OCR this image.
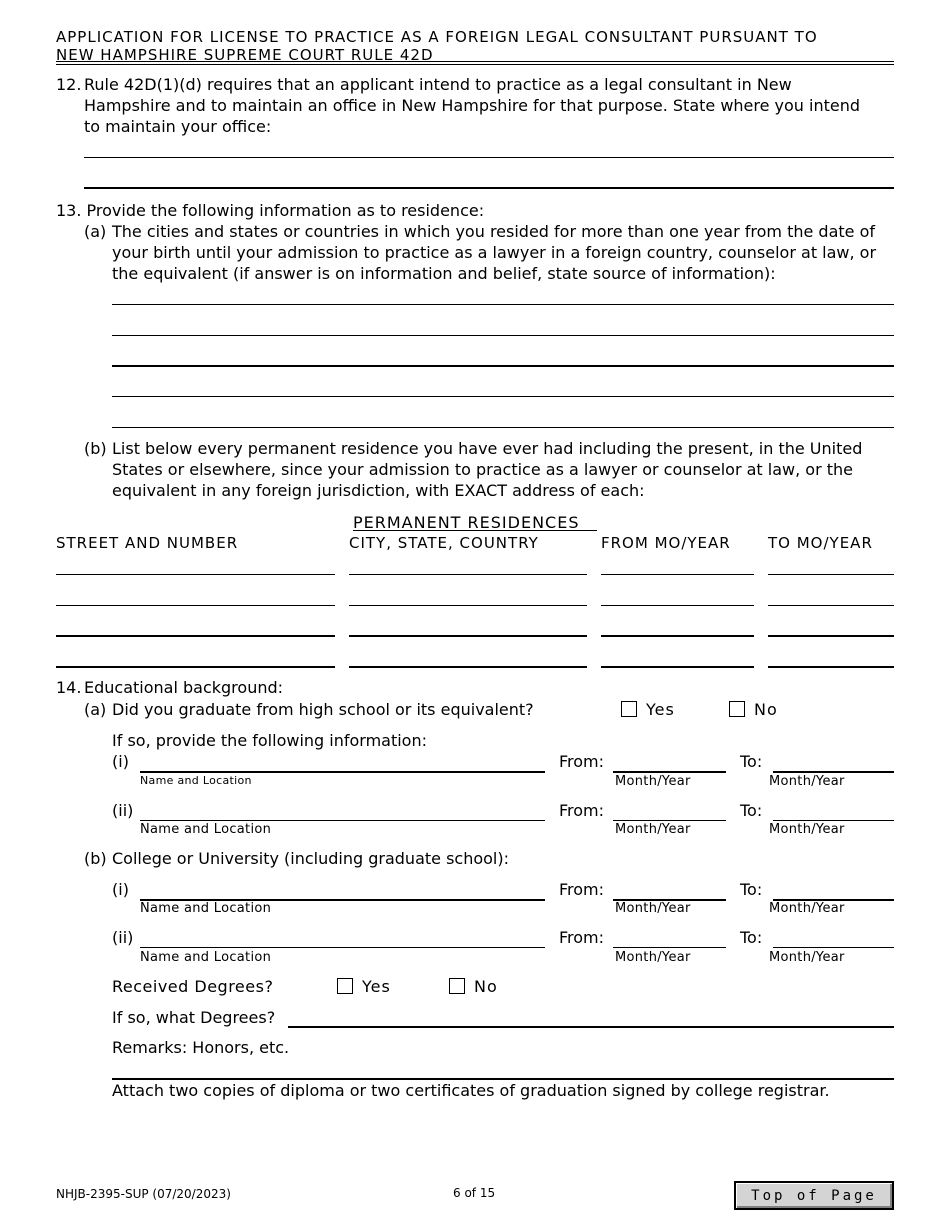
APPLICATION FOR LICENSE TO PRACTICE AS A FOREIGN LEGAL CONSULTANT PURSUANT TO
NEW HAMPSHIRE SUPREME COURT RULE 42D
12. Rule 42D(1)(d) requires that an applicant intend to practice as a legal consultant in New
Hampshire and to maintain an office in New Hampshire for that purpose. State where you intend
to maintain your office:
13. Provide the following information as to residence:
(a) The cities and states or countries in which you resided for more than one year from the date of
your birth until your admission to practice as a lawyer in a foreign country, counselor at law, or
the equivalent (if answer is on information and belief, state source of information):
(b) List below every permanent residence you have ever had including the present, in the United
States or elsewhere, since your admission to practice as a lawyer or counselor at law, or the
equivalent in any foreign jurisdiction, with EXACT address of each:
PERMANENT RESIDENCES
STREET AND NUMBER	CITY, STATE, COUNTRY	FROM MO/YEAR TO MO/YEAR
14. Educational background:
(a) Did you graduate from high school or its equivalent?	Yes	No
If so, provide the following information:
(i)
Name and Location
From:
Month/Year
To:
Month/Year
(ii)
Name and Location
From:
Month/Year
To:
Month/Year
(b) College or University (including graduate school):
(i)
Name and Location
From:
Month/Year
To:
Month/Year
(ii)
Name and Location
From:
Month/Year
To:
Month/Year
Received Degrees?	Yes	No
If so, what Degrees?
Remarks: Honors, etc.
Attach two copies of diploma or two certificates of graduation signed by college registrar.
NHJB-2395-SUP (07/20/2023)	6 of 15	Top of Page
